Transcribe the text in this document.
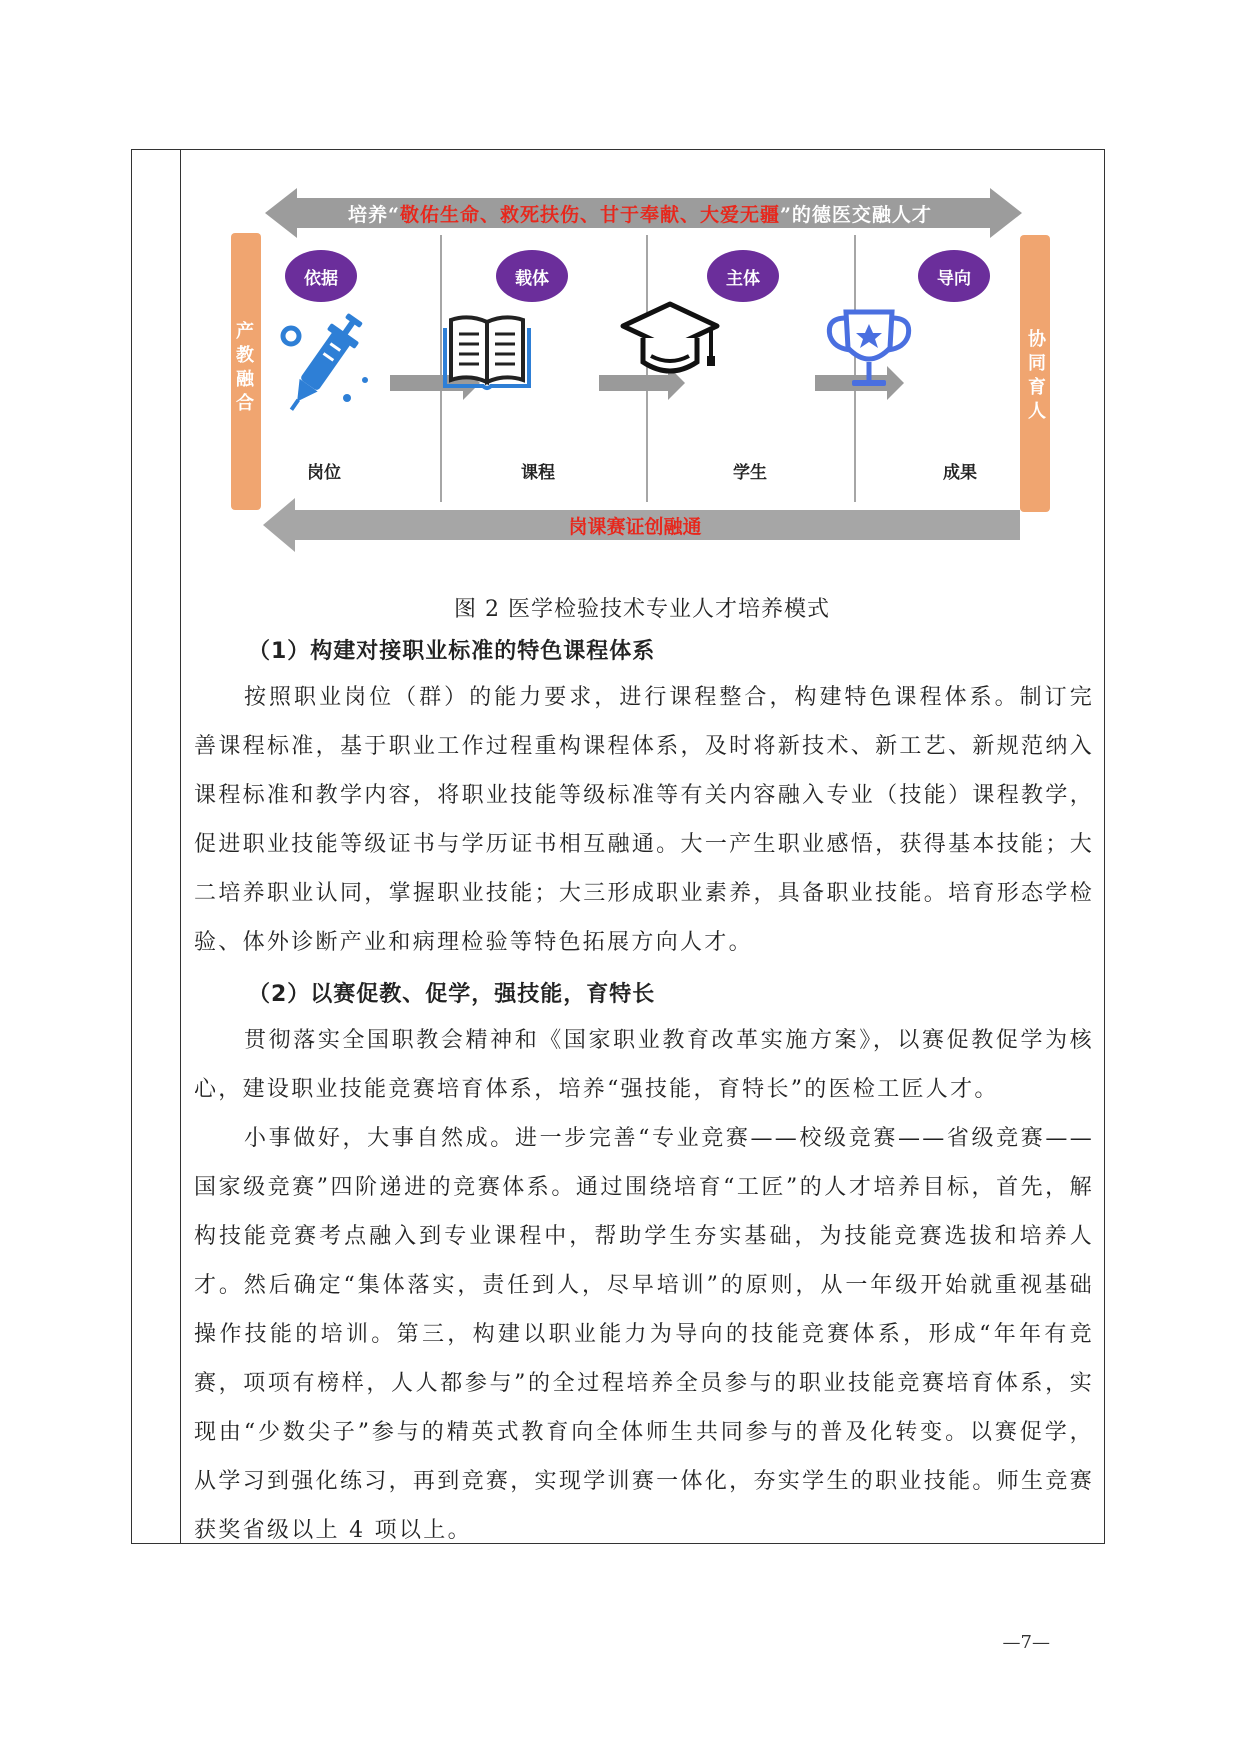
培养“ 敬佑生命、救死扶伤、甘于奉献、大爱无疆 ”的德医交融人才
岗课赛证创融通
产教融合
协同育人
依据	载体	主体	导向
岗位	课程	学生	成果
图 2 医学检验技术专业人才培养模式
（1）构建对接职业标准的特色课程体系

按照职业岗位（群）的能力要求，进行课程整合，构建特色课程体系。制订完善课程标准，基于职业工作过程重构课程体系，及时将新技术、新工艺、新规范纳入课程标准和教学内容，将职业技能等级标准等有关内容融入专业（技能）课程教学，促进职业技能等级证书与学历证书相互融通。大一产生职业感悟，获得基本技能；大二培养职业认同，掌握职业技能；大三形成职业素养，具备职业技能。培育形态学检验、体外诊断产业和病理检验等特色拓展方向人才。

（2）以赛促教、促学，强技能，育特长

贯彻落实全国职教会精神和《国家职业教育改革实施方案》，以赛促教促学为核心，建设职业技能竞赛培育体系，培养“强技能，育特长”的医检工匠人才。

小事做好，大事自然成。进一步完善“专业竞赛——校级竞赛——省级竞赛——国家级竞赛”四阶递进的竞赛体系。通过围绕培育“工匠”的人才培养目标，首先，解构技能竞赛考点融入到专业课程中，帮助学生夯实基础，为技能竞赛选拔和培养人才。然后确定“集体落实，责任到人，尽早培训”的原则，从一年级开始就重视基础操作技能的培训。第三，构建以职业能力为导向的技能竞赛体系，形成“年年有竞赛，项项有榜样，人人都参与”的全过程培养全员参与的职业技能竞赛培育体系，实现由“少数尖子”参与的精英式教育向全体师生共同参与的普及化转变。以赛促学，从学习到强化练习，再到竞赛，实现学训赛一体化，夯实学生的职业技能。师生竞赛获奖省级以上 4 项以上。

—7—
